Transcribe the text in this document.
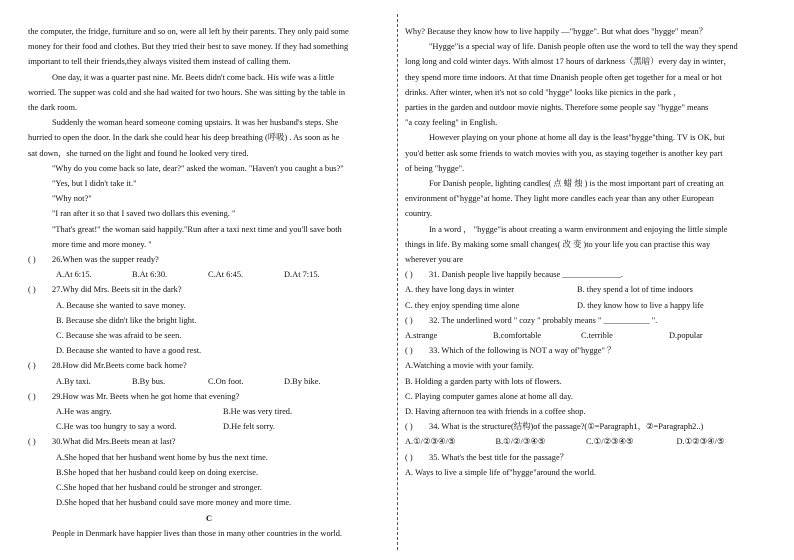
the computer, the fridge, furniture and so on, were all left by their parents. They only paid some
money for their food and clothes. But they tried their best to save money. If they had something
important to tell their friends,they always visited them instead of calling them.
One day, it was a quarter past nine. Mr. Beets didn't come back. His wife was a little
worried. The supper was cold and she had waited for two hours. She was sitting by the table in
the dark room.
Suddenly the woman heard someone coming upstairs. It was her husband's steps. She
hurried to open the door. In the dark she could hear his deep breathing (呼吸) . As soon as he
sat down，she turned on the light and found he looked very tired.
"Why do you come back so late, dear?" asked the woman. "Haven't you caught a bus?"
"Yes, but I didn't take it."
"Why not?"
"I ran after it so that I saved two dollars this evening. "
"That's great!" the woman said happily."Run after a taxi next time and you'll save both
more time and more money. "
( ) 26.When was the supper ready?
A.At 6:15.	B.At 6:30.	C.At 6:45.	D.At 7:15.
( ) 27.Why did Mrs. Beets sit in the dark?
A. Because she wanted to save money.
B. Because she didn't like the bright light.
C. Because she was afraid to be seen.
D. Because she wanted to have a good rest.
( ) 28.How did Mr.Beets come back home?
A.By taxi.	B.By bus.	C.On foot.	D.By bike.
( ) 29.How was Mr. Beets when he got home that evening?
A.He was angry.	B.He was very tired.
C.He was too hungry to say a word.	D.He felt sorry.
( ) 30.What did Mrs.Beets mean at last?
A.She hoped that her husband went home by bus the next time.
B.She hoped that her husband could keep on doing exercise.
C.She hoped that her husband could be stronger and stronger.
D.She hoped that her husband could save more money and more time.
C
People in Denmark have happier lives than those in many other countries in the world.
Why? Because they know how to live happily —"hygge". But what does "hygge" mean？
"Hygge"is a special way of life. Danish people often use the word to tell the way they spend
long long and cold winter days. With almost 17 hours of darkness（黑暗）every day in winter，
they spend more time indoors. At that time Dnanish people often get together for a meal or hot
drinks. After winter, when it's not so cold "hygge" looks like picnics in the park ，
parties in the garden and outdoor movie nights. Therefore some people say "hygge" means
"a cozy feeling" in English.
However playing on your phone at home all day is the least"hygge"thing. TV is OK, but
you'd better ask some friends to watch movies with you, as staying together is another key part
of being "hygge".
For Danish people, lighting candles( 点 蜡 烛 ) is the most important part of creating an
environment of"hygge"at home. They light more candles each year than any other European
country.
In a word ， "hygge"is about creating a warm environment and enjoying the little simple
things in life. By making some small changes( 改 变 )to your life you can practise this way
wherever you are
( ) 31. Danish people live happily because ______________.
A. they have long days in winter	B. they spend a lot of time indoors
C. they enjoy spending time alone	D. they know how to live a happy life
( ) 32. The underlined word " cozy " probably means " ___________ ".
A.strange	B.comfortable	C.terrible	D.popular
( ) 33. Which of the following is NOT a way of"hygge" ？
A.Watching a movie with your family.
B. Holding a garden party with lots of flowers.
C. Playing computer games alone at home all day.
D. Having afternoon tea with friends in a coffee shop.
( ) 34. What is the structure(结构)of the passage?(①=Paragraph1，②=Paragraph2..)
A.①/②③④/⑤	B.①/②/③④⑤	C.①/②③④⑤	D.①②③④/⑤
( ) 35. What's the best title for the passage？
A. Ways to live a simple life of"hygge"around the world.
